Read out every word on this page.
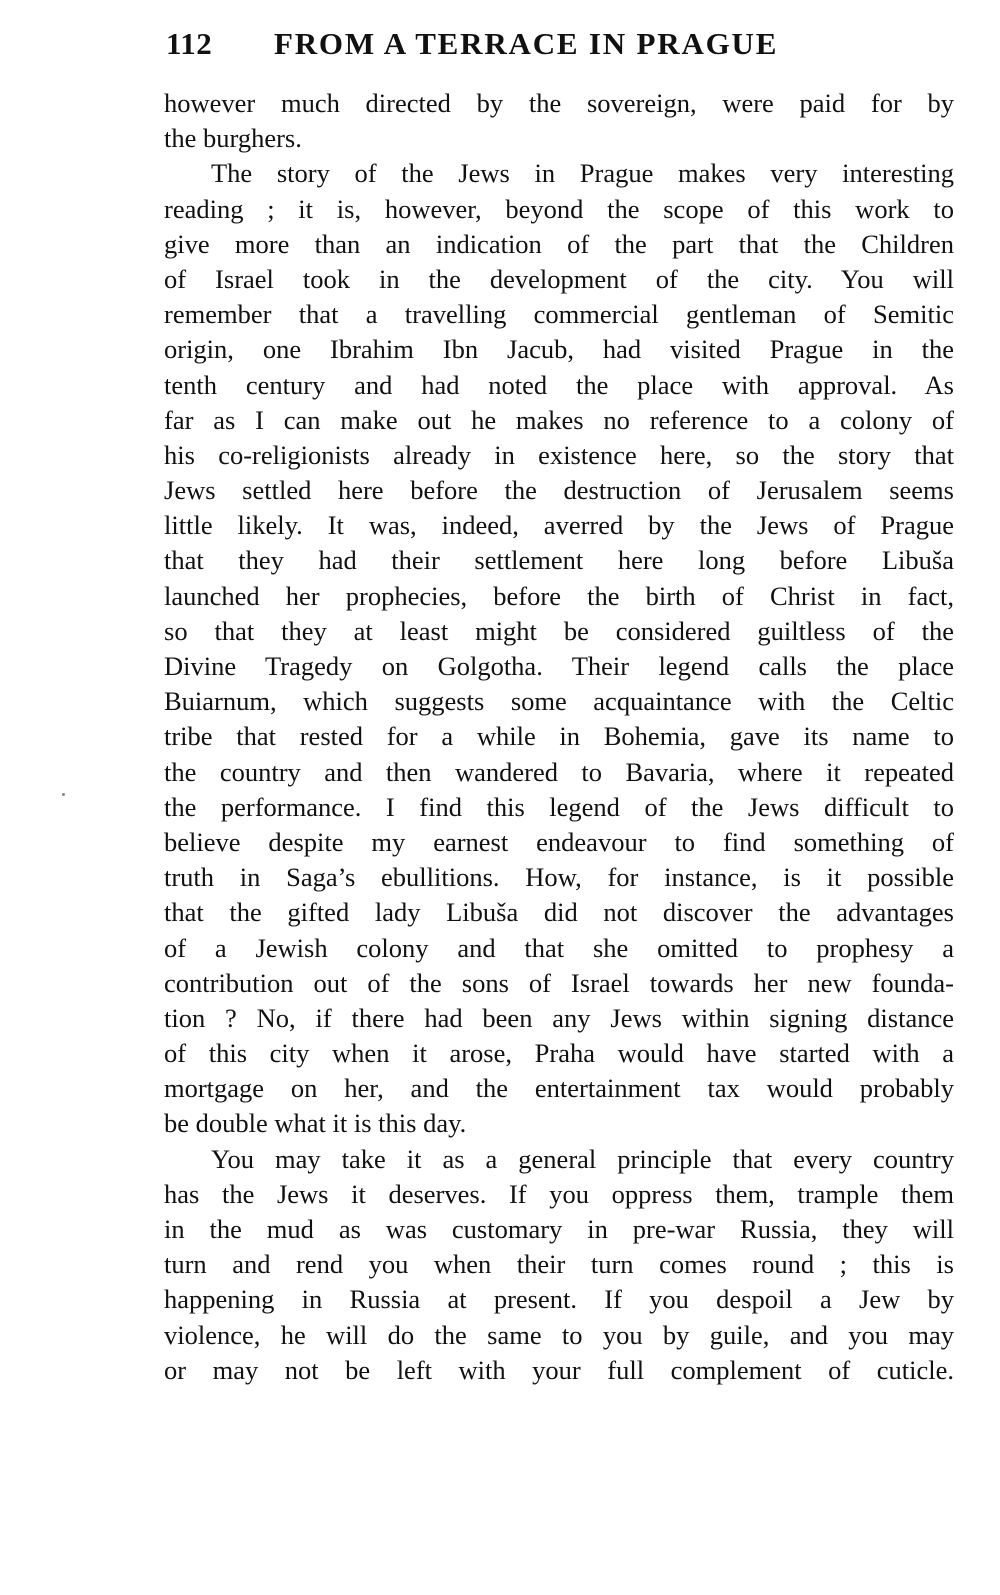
112 FROM A TERRACE IN PRAGUE
however much directed by the sovereign, were paid for by
the burghers.
The story of the Jews in Prague makes very interesting
reading ; it is, however, beyond the scope of this work to
give more than an indication of the part that the Children
of Israel took in the development of the city. You will
remember that a travelling commercial gentleman of Semitic
origin, one Ibrahim Ibn Jacub, had visited Prague in the
tenth century and had noted the place with approval. As
far as I can make out he makes no reference to a colony of
his co-religionists already in existence here, so the story that
Jews settled here before the destruction of Jerusalem seems
little likely. It was, indeed, averred by the Jews of Prague
that they had their settlement here long before Libuša
launched her prophecies, before the birth of Christ in fact,
so that they at least might be considered guiltless of the
Divine Tragedy on Golgotha. Their legend calls the place
Buiarnum, which suggests some acquaintance with the Celtic
tribe that rested for a while in Bohemia, gave its name to
the country and then wandered to Bavaria, where it repeated
the performance. I find this legend of the Jews difficult to
believe despite my earnest endeavour to find something of
truth in Saga’s ebullitions. How, for instance, is it possible
that the gifted lady Libuša did not discover the advantages
of a Jewish colony and that she omitted to prophesy a
contribution out of the sons of Israel towards her new founda-
tion ? No, if there had been any Jews within signing distance
of this city when it arose, Praha would have started with a
mortgage on her, and the entertainment tax would probably
be double what it is this day.
You may take it as a general principle that every country
has the Jews it deserves. If you oppress them, trample them
in the mud as was customary in pre-war Russia, they will
turn and rend you when their turn comes round ; this is
happening in Russia at present. If you despoil a Jew by
violence, he will do the same to you by guile, and you may
or may not be left with your full complement of cuticle.
